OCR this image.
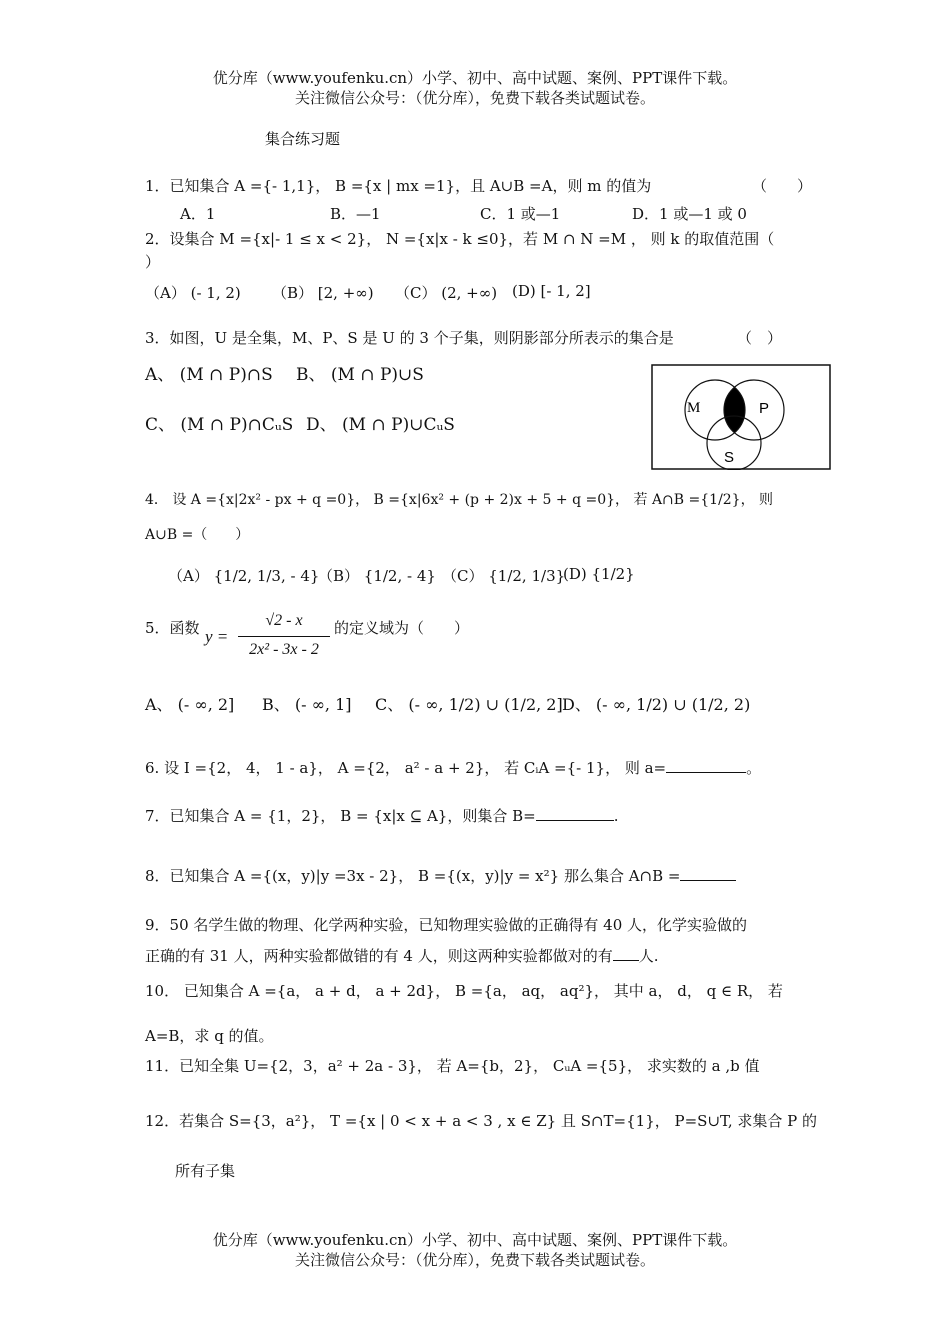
优分库（www.youfenku.cn）小学、初中、高中试题、案例、PPT课件下载。
关注微信公众号：（优分库），免费下载各类试题试卷。
集合练习题
1．已知集合 A ={- 1,1}， B ={x | mx =1}，且 A∪B =A，则 m 的值为	（　　）
A．1	B．—1	C．1 或—1	D．1 或—1 或 0
2．设集合 M ={x|- 1 ≤ x < 2}， N ={x|x - k ≤0}，若 M ∩ N =M ， 则 k 的取值范围（
）
（A） (- 1, 2) （B） [2, +∞) （C） (2, +∞) (D) [- 1, 2]
3．如图，U 是全集，M、P、S 是 U 的 3 个子集，则阴影部分所表示的集合是	（　）
A、 (M ∩ P)∩S B、 (M ∩ P)∪S
C、 (M ∩ P)∩CᵤS D、 (M ∩ P)∪CᵤS
M	P
S
4． 设 A ={x|2x² - px + q =0}， B ={x|6x² + (p + 2)x + 5 + q =0}， 若 A∩B ={1/2}， 则
A∪B =（　　）
（A） {1/2, 1/3, - 4}
（B） {1/2, - 4} （C） {1/2, 1/3}
(D) {1/2}
5．函数 y =
√2 - x
2x² - 3x - 2
的定义域为（　　）
A、 (- ∞, 2] B、 (- ∞, 1] C、 (- ∞, 1/2) ∪ (1/2, 2] D、 (- ∞, 1/2) ∪ (1/2, 2)
6. 设 I ={2， 4， 1 - a}， A ={2， a² - a + 2}， 若 CᵢA ={- 1}， 则 a=	。
7．已知集合 A = {1，2}， B = {x|x ⊆ A}，则集合 B=	.
8．已知集合 A ={(x，y)|y =3x - 2}， B ={(x，y)|y = x²} 那么集合 A∩B =
9．50 名学生做的物理、化学两种实验，已知物理实验做的正确得有 40 人，化学实验做的
正确的有 31 人，两种实验都做错的有 4 人，则这两种实验都做对的有 人.
10． 已知集合 A ={a， a + d， a + 2d}， B ={a， aq， aq²}， 其中 a， d， q ∈ R， 若
A=B，求 q 的值。
11．已知全集 U={2，3，a² + 2a - 3}， 若 A={b，2}， CᵤA ={5}， 求实数的 a ,b 值
12．若集合 S={3，a²}， T ={x | 0 < x + a < 3 , x ∈ Z} 且 S∩T={1}， P=S∪T, 求集合 P 的
所有子集
优分库（www.youfenku.cn）小学、初中、高中试题、案例、PPT课件下载。
关注微信公众号：（优分库），免费下载各类试题试卷。
